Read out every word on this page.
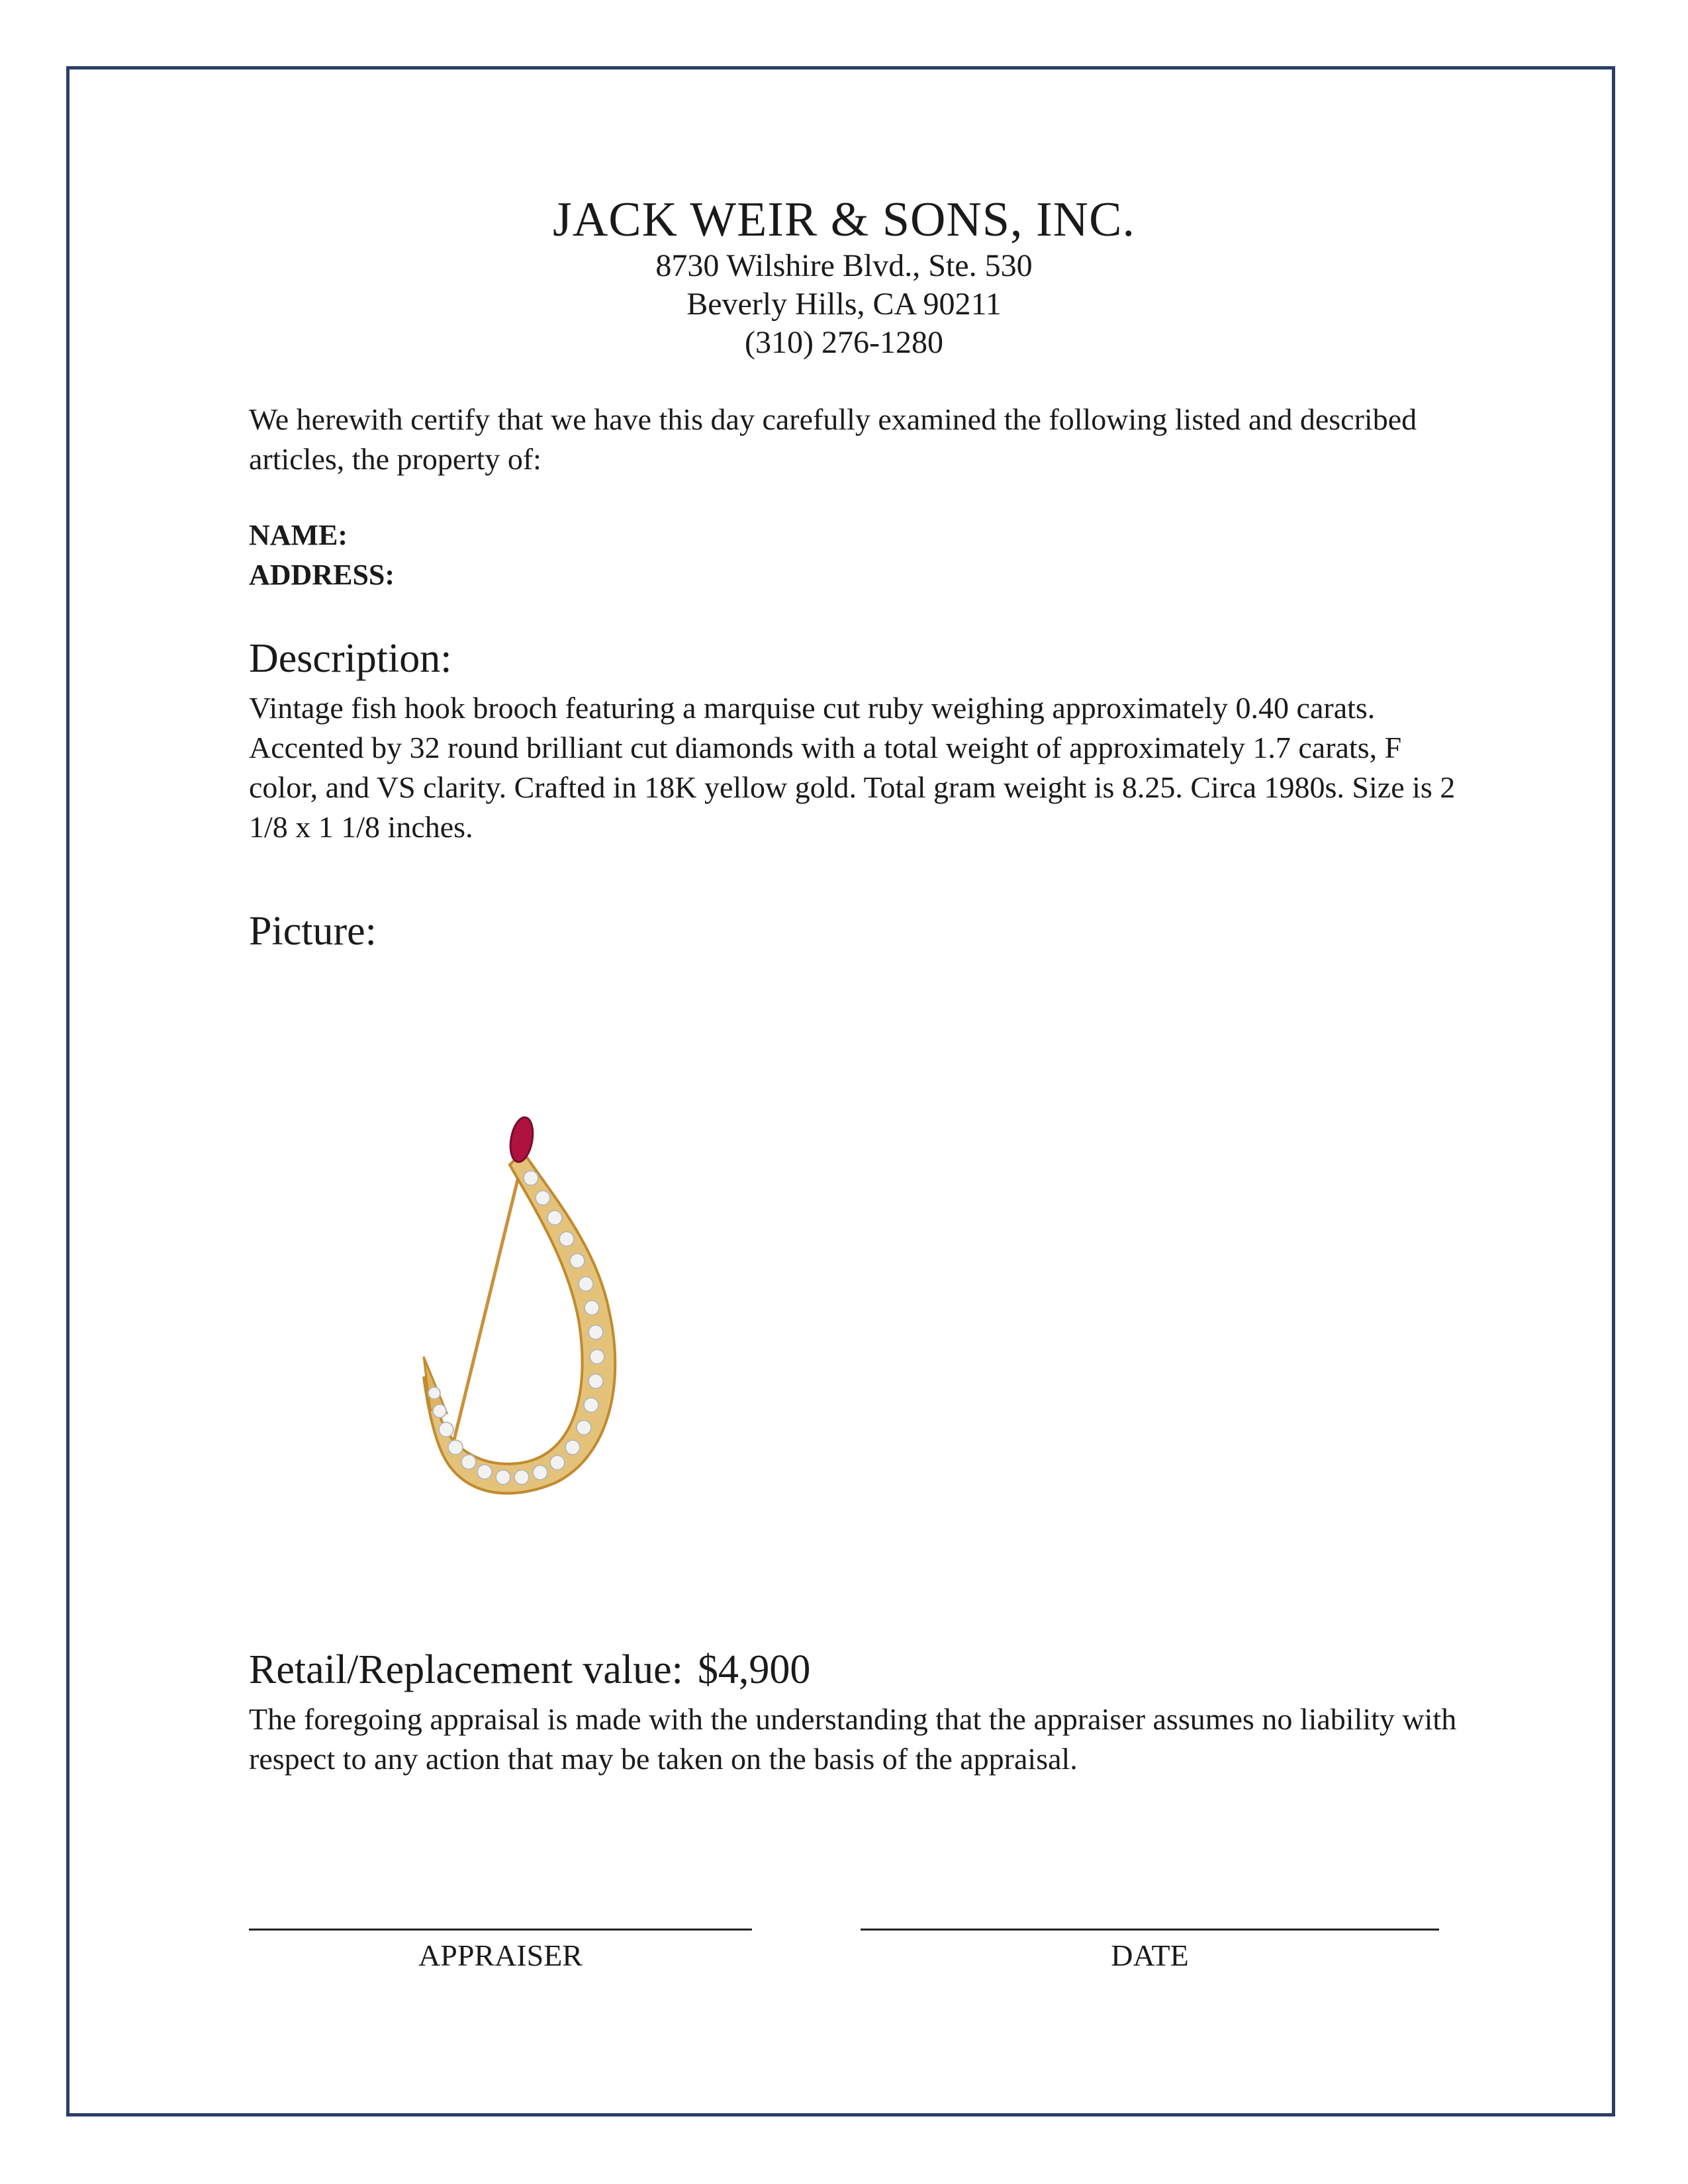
JACK WEIR & SONS, INC.
8730 Wilshire Blvd., Ste. 530
Beverly Hills, CA 90211
(310) 276-1280
We herewith certify that we have this day carefully examined the following listed and described articles, the property of:
NAME:
ADDRESS:
Description:
Vintage fish hook brooch featuring a marquise cut ruby weighing approximately 0.40 carats. Accented by 32 round brilliant cut diamonds with a total weight of approximately 1.7 carats, F color, and VS clarity. Crafted in 18K yellow gold. Total gram weight is 8.25. Circa 1980s. Size is 2 1/8 x 1 1/8 inches.
Picture:
Retail/Replacement value: $4,900
The foregoing appraisal is made with the understanding that the appraiser assumes no liability with respect to any action that may be taken on the basis of the appraisal.
APPRAISER	DATE
